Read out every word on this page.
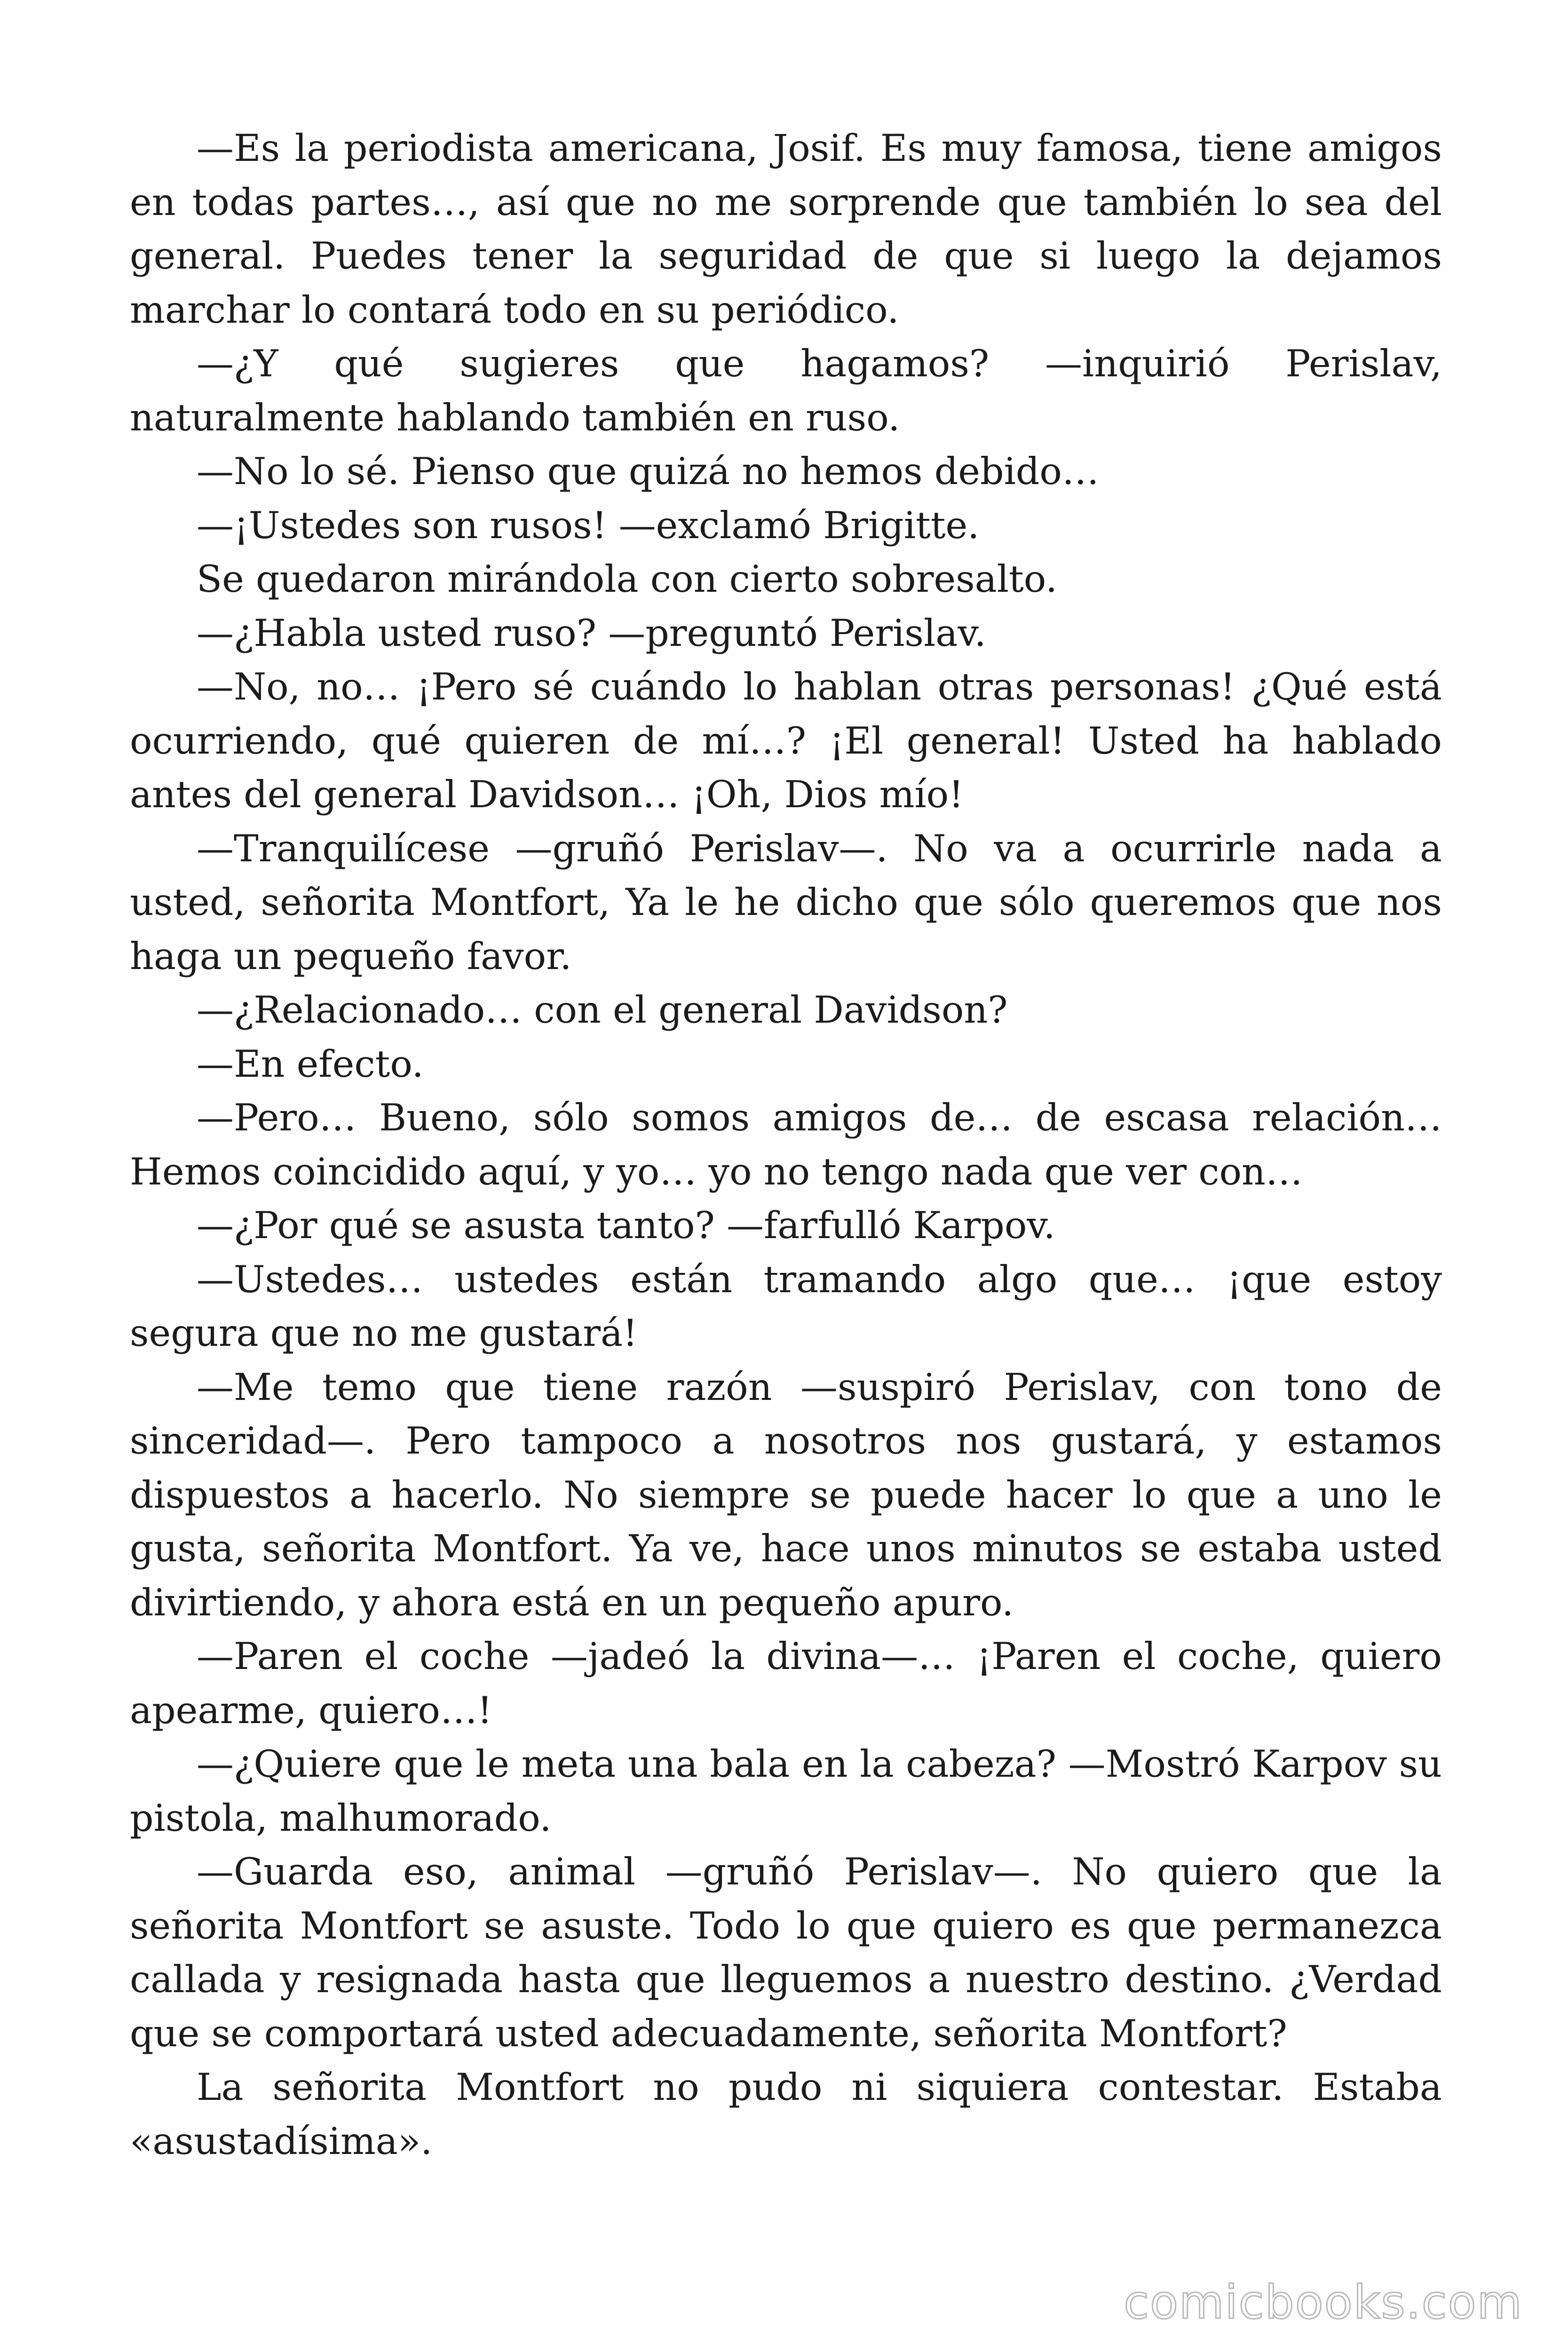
—Es la periodista americana, Josif. Es muy famosa, tiene amigos en todas partes…, así que no me sorprende que también lo sea del general. Puedes tener la seguridad de que si luego la dejamos marchar lo contará todo en su periódico.

—¿Y qué sugieres que hagamos? —inquirió Perislav, naturalmente hablando también en ruso.

—No lo sé. Pienso que quizá no hemos debido…

—¡Ustedes son rusos! —exclamó Brigitte.

Se quedaron mirándola con cierto sobresalto.

—¿Habla usted ruso? —preguntó Perislav.

—No, no… ¡Pero sé cuándo lo hablan otras personas! ¿Qué está ocurriendo, qué quieren de mí…? ¡El general! Usted ha hablado antes del general Davidson… ¡Oh, Dios mío!

—Tranquilícese —gruñó Perislav—. No va a ocurrirle nada a usted, señorita Montfort, Ya le he dicho que sólo queremos que nos haga un pequeño favor.

—¿Relacionado… con el general Davidson?

—En efecto.

—Pero… Bueno, sólo somos amigos de… de escasa relación… Hemos coincidido aquí, y yo… yo no tengo nada que ver con…

—¿Por qué se asusta tanto? —farfulló Karpov.

—Ustedes… ustedes están tramando algo que… ¡que estoy segura que no me gustará!

—Me temo que tiene razón —suspiró Perislav, con tono de sinceridad—. Pero tampoco a nosotros nos gustará, y estamos dispuestos a hacerlo. No siempre se puede hacer lo que a uno le gusta, señorita Montfort. Ya ve, hace unos minutos se estaba usted divirtiendo, y ahora está en un pequeño apuro.

—Paren el coche —jadeó la divina—… ¡Paren el coche, quiero apearme, quiero…!

—¿Quiere que le meta una bala en la cabeza? —Mostró Karpov su pistola, malhumorado.

—Guarda eso, animal —gruñó Perislav—. No quiero que la señorita Montfort se asuste. Todo lo que quiero es que permanezca callada y resignada hasta que lleguemos a nuestro destino. ¿Verdad que se comportará usted adecuadamente, señorita Montfort?

La señorita Montfort no pudo ni siquiera contestar. Estaba «asustadísima».

comicbooks.com
